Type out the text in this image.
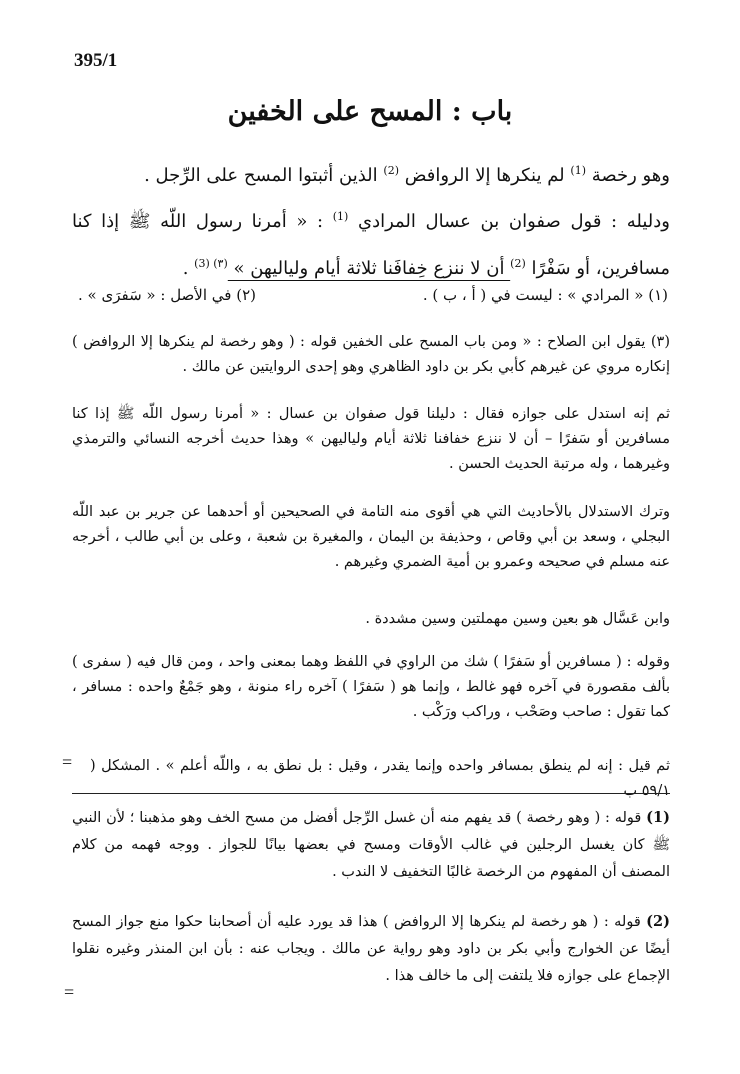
395/1
باب : المسح على الخفين
وهو رخصة $^{(1)}$ لم ينكرها إلا الروافض $^{(2)}$ الذين أثبتوا المسح على الرِّجل .
ودليله : قول صفوان بن عسال المرادي $^{(1)}$ : « أمرنا رسول اللّه ﷺ إذا كنا مسافرين، أو سَفْرًا $^{(2)}$ أن لا ننزع خِفافَنا ثلاثة أيام ولياليهن » $^{(٣) (3)}$ .
(١) « المرادي » : ليست في ( أ ، ب ) .
(٢) في الأصل : « سَفرَى » .
(٣) يقول ابن الصلاح : « ومن باب المسح على الخفين قوله : ( وهو رخصة لم ينكرها إلا الروافض ) إنكاره مروي عن غيرهم كأبي بكر بن داود الظاهري وهو إحدى الروايتين عن مالك .
ثم إنه استدل على جوازه فقال : دليلنا قول صفوان بن عسال : « أمرنا رسول اللّه ﷺ إذا كنا مسافرين أو سَفرًا – أن لا ننزع خفافنا ثلاثة أيام ولياليهن » وهذا حديث أخرجه النسائي والترمذي وغيرهما ، وله مرتبة الحديث الحسن .
وترك الاستدلال بالأحاديث التي هي أقوى منه التامة في الصحيحين أو أحدهما عن جرير بن عبد اللّه البجلي ، وسعد بن أبي وقاص ، وحذيفة بن اليمان ، والمغيرة بن شعبة ، وعلى بن أبي طالب ، أخرجه عنه مسلم في صحيحه وعمرو بن أمية الضمري وغيرهم .
وابن عَسَّال هو بعين وسين مهملتين وسين مشددة .
وقوله : ( مسافرين أو سَفرًا ) شك من الراوي في اللفظ وهما بمعنى واحد ، ومن قال فيه ( سفرى ) بألف مقصورة في آخره فهو غالط ، وإنما هو ( سَفرًا ) آخره راء منونة ، وهو جَمْعٌ واحده : مسافر ، كما تقول : صاحب وصَحْب ، وراكب ورَكْب .
ثم قيل : إنه لم ينطق بمسافر واحده وإنما يقدر ، وقيل : بل نطق به ، واللّه أعلم » . المشكل ( ٥٩/١ ب
=
(1) قوله : ( وهو رخصة ) قد يفهم منه أن غسل الرِّجل أفضل من مسح الخف وهو مذهبنا ؛ لأن النبي ﷺ كان يغسل الرجلين في غالب الأوقات ومسح في بعضها بيانًا للجواز . ووجه فهمه من كلام المصنف أن المفهوم من الرخصة غالبًا التخفيف لا الندب .
(2) قوله : ( هو رخصة لم ينكرها إلا الروافض ) هذا قد يورد عليه أن أصحابنا حكوا منع جواز المسح أيضًا عن الخوارج وأبي بكر بن داود وهو رواية عن مالك . ويجاب عنه : بأن ابن المنذر وغيره نقلوا الإجماع على جوازه فلا يلتفت إلى ما خالف هذا .
=
